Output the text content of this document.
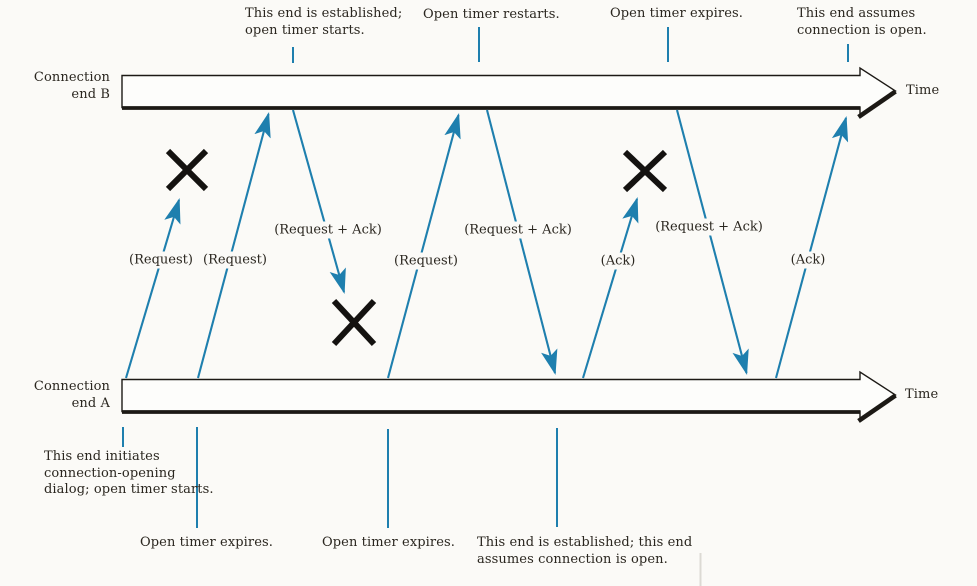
Connection
end B
Connection
end A
Time
Time
This end is established;
open timer starts.
Open timer restarts.	Open timer expires.	This end assumes
connection is open.
This end initiates
connection-opening
dialog; open timer starts.
Open timer expires.	Open timer expires. This end is established; this end
assumes connection is open.
(Request) (Request)
(Request + Ack)
(Request)
(Request + Ack)
(Ack)
(Request + Ack)
(Ack)
